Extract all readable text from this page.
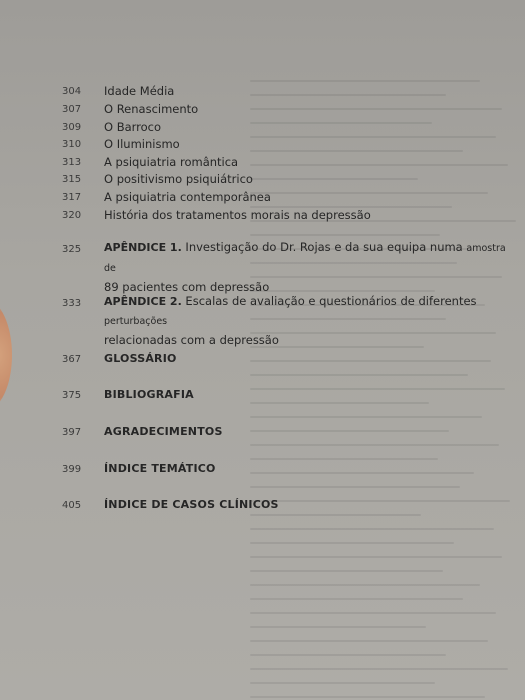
304 Idade Média
307 O Renascimento
309 O Barroco
310 O Iluminismo
313 A psiquiatria romântica
315 O positivismo psiquiátrico
317 A psiquiatria contemporânea
320 História dos tratamentos morais na depressão
325 APÊNDICE 1. Investigação do Dr. Rojas e da sua equipa numa amostra de
89 pacientes com depressão
333 APÊNDICE 2. Escalas de avaliação e questionários de diferentes perturbações
relacionadas com a depressão
367 GLOSSÁRIO
375 BIBLIOGRAFIA
397 AGRADECIMENTOS
399 ÍNDICE TEMÁTICO
405 ÍNDICE DE CASOS CLÍNICOS
